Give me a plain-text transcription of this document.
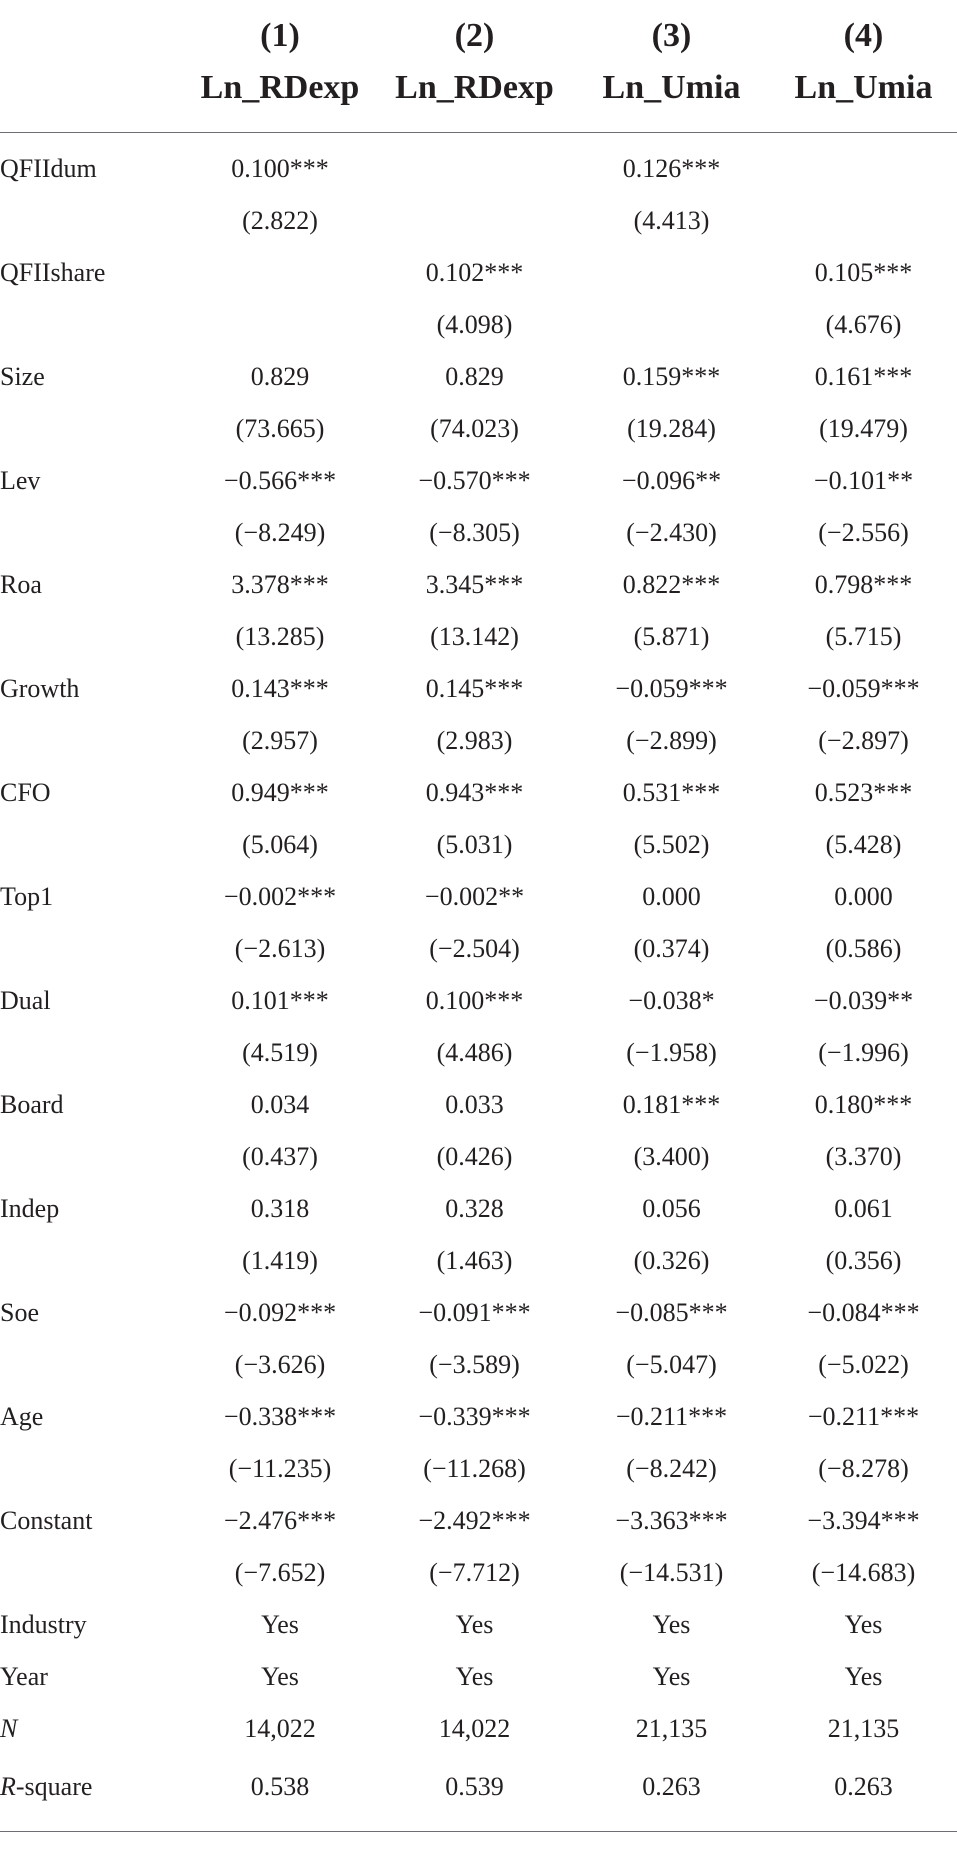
	(1)	(2)	(3)	(4)
	Ln_RDexp	Ln_RDexp	Ln_Umia	Ln_Umia
QFIIdum	0.100***		0.126***	
	(2.822)		(4.413)	
QFIIshare		0.102***		0.105***
		(4.098)		(4.676)
Size	0.829	0.829	0.159***	0.161***
	(73.665)	(74.023)	(19.284)	(19.479)
Lev	−0.566***	−0.570***	−0.096**	−0.101**
	(−8.249)	(−8.305)	(−2.430)	(−2.556)
Roa	3.378***	3.345***	0.822***	0.798***
	(13.285)	(13.142)	(5.871)	(5.715)
Growth	0.143***	0.145***	−0.059***	−0.059***
	(2.957)	(2.983)	(−2.899)	(−2.897)
CFO	0.949***	0.943***	0.531***	0.523***
	(5.064)	(5.031)	(5.502)	(5.428)
Top1	−0.002***	−0.002**	0.000	0.000
	(−2.613)	(−2.504)	(0.374)	(0.586)
Dual	0.101***	0.100***	−0.038*	−0.039**
	(4.519)	(4.486)	(−1.958)	(−1.996)
Board	0.034	0.033	0.181***	0.180***
	(0.437)	(0.426)	(3.400)	(3.370)
Indep	0.318	0.328	0.056	0.061
	(1.419)	(1.463)	(0.326)	(0.356)
Soe	−0.092***	−0.091***	−0.085***	−0.084***
	(−3.626)	(−3.589)	(−5.047)	(−5.022)
Age	−0.338***	−0.339***	−0.211***	−0.211***
	(−11.235)	(−11.268)	(−8.242)	(−8.278)
Constant	−2.476***	−2.492***	−3.363***	−3.394***
	(−7.652)	(−7.712)	(−14.531)	(−14.683)
Industry	Yes	Yes	Yes	Yes
Year	Yes	Yes	Yes	Yes
N	14,022	14,022	21,135	21,135
R-square	0.538	0.539	0.263	0.263
